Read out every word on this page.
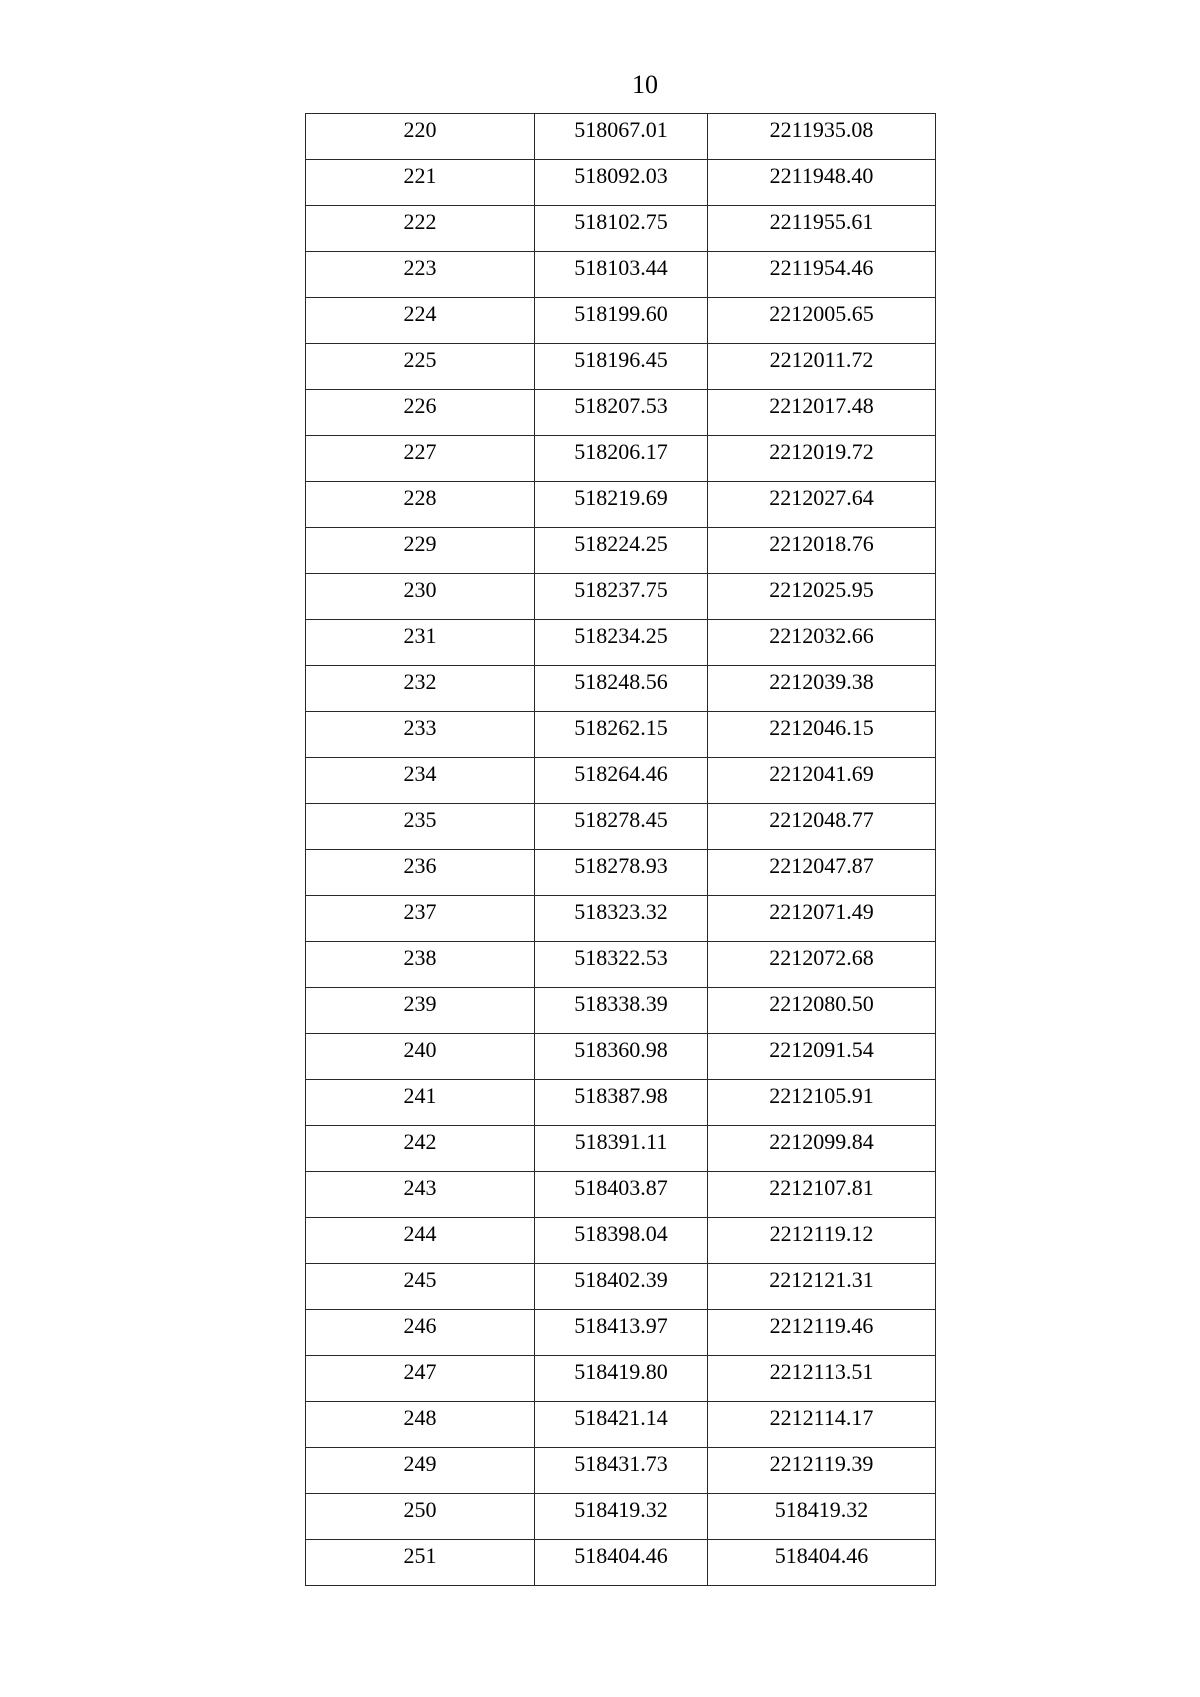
10
220	518067.01	2211935.08
221	518092.03	2211948.40
222	518102.75	2211955.61
223	518103.44	2211954.46
224	518199.60	2212005.65
225	518196.45	2212011.72
226	518207.53	2212017.48
227	518206.17	2212019.72
228	518219.69	2212027.64
229	518224.25	2212018.76
230	518237.75	2212025.95
231	518234.25	2212032.66
232	518248.56	2212039.38
233	518262.15	2212046.15
234	518264.46	2212041.69
235	518278.45	2212048.77
236	518278.93	2212047.87
237	518323.32	2212071.49
238	518322.53	2212072.68
239	518338.39	2212080.50
240	518360.98	2212091.54
241	518387.98	2212105.91
242	518391.11	2212099.84
243	518403.87	2212107.81
244	518398.04	2212119.12
245	518402.39	2212121.31
246	518413.97	2212119.46
247	518419.80	2212113.51
248	518421.14	2212114.17
249	518431.73	2212119.39
250	518419.32	518419.32
251	518404.46	518404.46
